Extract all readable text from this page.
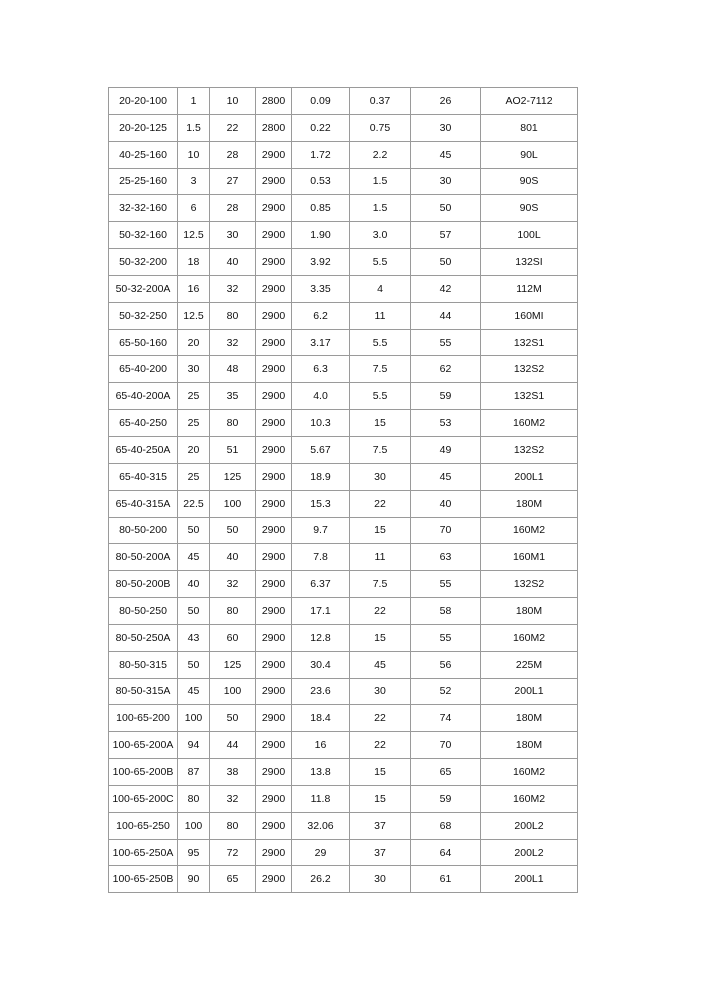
20-20-100	1	10	2800	0.09	0.37	26	AO2-7112
20-20-125	1.5	22	2800	0.22	0.75	30	801
40-25-160	10	28	2900	1.72	2.2	45	90L
25-25-160	3	27	2900	0.53	1.5	30	90S
32-32-160	6	28	2900	0.85	1.5	50	90S
50-32-160	12.5	30	2900	1.90	3.0	57	100L
50-32-200	18	40	2900	3.92	5.5	50	132SI
50-32-200A	16	32	2900	3.35	4	42	112M
50-32-250	12.5	80	2900	6.2	11	44	160MI
65-50-160	20	32	2900	3.17	5.5	55	132S1
65-40-200	30	48	2900	6.3	7.5	62	132S2
65-40-200A	25	35	2900	4.0	5.5	59	132S1
65-40-250	25	80	2900	10.3	15	53	160M2
65-40-250A	20	51	2900	5.67	7.5	49	132S2
65-40-315	25	125	2900	18.9	30	45	200L1
65-40-315A	22.5	100	2900	15.3	22	40	180M
80-50-200	50	50	2900	9.7	15	70	160M2
80-50-200A	45	40	2900	7.8	11	63	160M1
80-50-200B	40	32	2900	6.37	7.5	55	132S2
80-50-250	50	80	2900	17.1	22	58	180M
80-50-250A	43	60	2900	12.8	15	55	160M2
80-50-315	50	125	2900	30.4	45	56	225M
80-50-315A	45	100	2900	23.6	30	52	200L1
100-65-200	100	50	2900	18.4	22	74	180M
100-65-200A	94	44	2900	16	22	70	180M
100-65-200B	87	38	2900	13.8	15	65	160M2
100-65-200C	80	32	2900	11.8	15	59	160M2
100-65-250	100	80	2900	32.06	37	68	200L2
100-65-250A	95	72	2900	29	37	64	200L2
100-65-250B	90	65	2900	26.2	30	61	200L1
